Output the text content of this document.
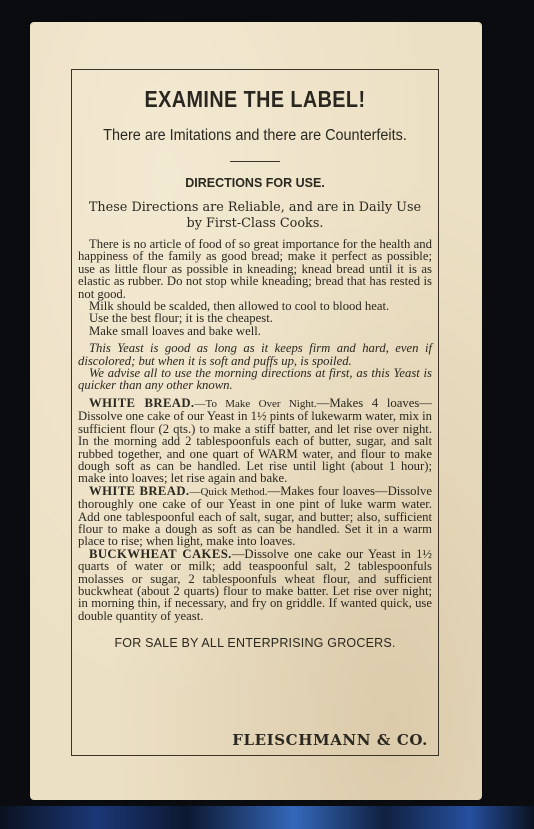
EXAMINE THE LABEL!
There are Imitations and there are Counterfeits.
DIRECTIONS FOR USE.
These Directions are Reliable, and are in Daily Use by First-Class Cooks.

There is no article of food of so great importance for the health and happiness of the family as good bread; make it perfect as possible; use as little flour as possible in kneading; knead bread until it is as elastic as rubber. Do not stop while kneading; bread that has rested is not good.

Milk should be scalded, then allowed to cool to blood heat.

Use the best flour; it is the cheapest.

Make small loaves and bake well.

This Yeast is good as long as it keeps firm and hard, even if discolored; but when it is soft and puffs up, is spoiled.

We advise all to use the morning directions at first, as this Yeast is quicker than any other known.

WHITE BREAD.—To Make Over Night.—Makes 4 loaves—Dissolve one cake of our Yeast in 1½ pints of lukewarm water, mix in sufficient flour (2 qts.) to make a stiff batter, and let rise over night. In the morning add 2 tablespoonfuls each of butter, sugar, and salt rubbed together, and one quart of WARM water, and flour to make dough soft as can be handled. Let rise until light (about 1 hour); make into loaves; let rise again and bake.

WHITE BREAD.—Quick Method.—Makes four loaves—Dissolve thoroughly one cake of our Yeast in one pint of luke warm water. Add one tablespoonful each of salt, sugar, and butter; also, sufficient flour to make a dough as soft as can be handled. Set it in a warm place to rise; when light, make into loaves.

BUCKWHEAT CAKES.—Dissolve one cake our Yeast in 1½ quarts of water or milk; add teaspoonful salt, 2 tablespoonfuls molasses or sugar, 2 tablespoonfuls wheat flour, and sufficient buckwheat (about 2 quarts) flour to make batter. Let rise over night; in morning thin, if necessary, and fry on griddle. If wanted quick, use double quantity of yeast.

FOR SALE BY ALL ENTERPRISING GROCERS.
FLEISCHMANN & CO.
